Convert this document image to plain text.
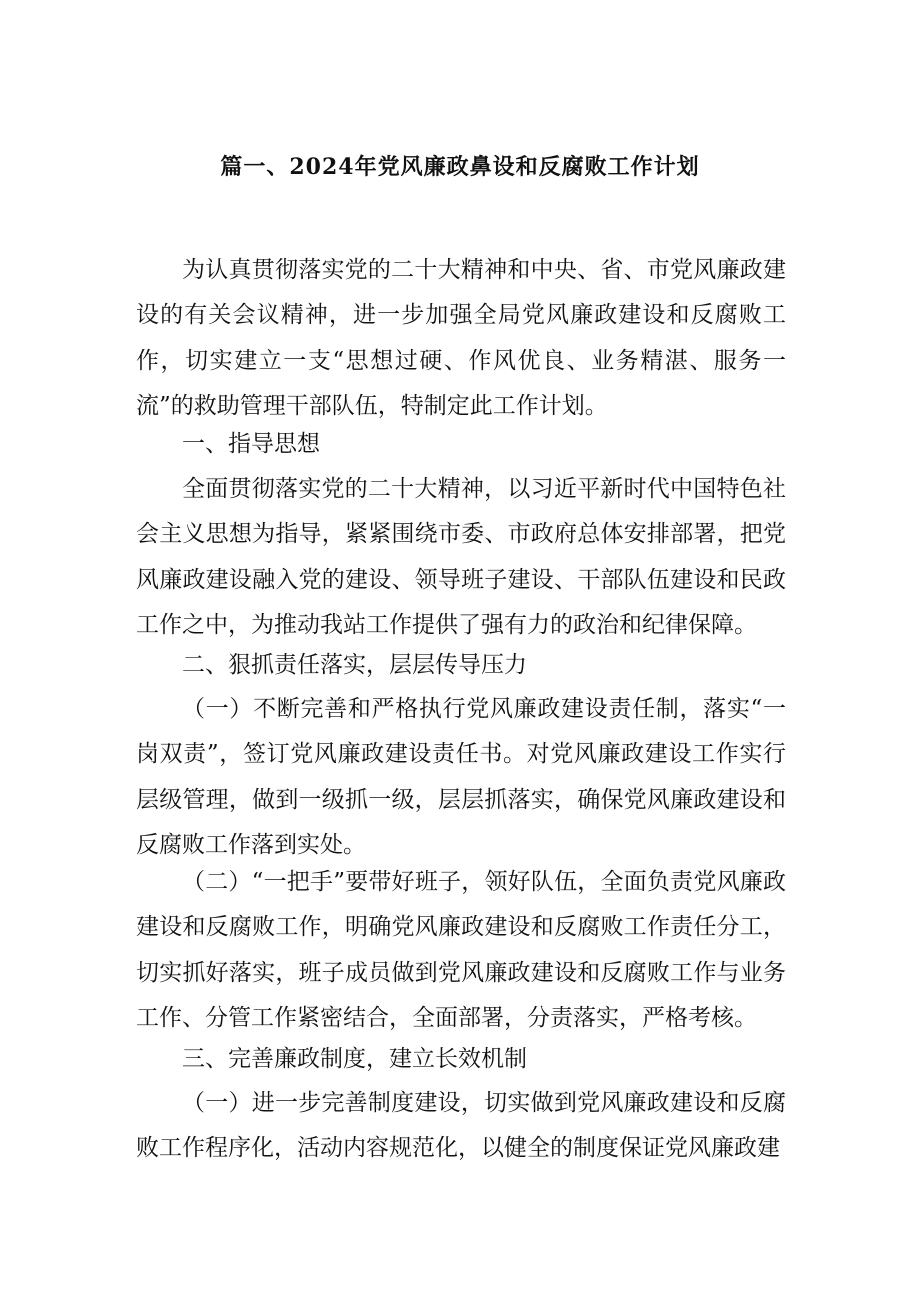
篇一、2024年党风廉政鼻设和反腐败工作计划

为认真贯彻落实党的二十大精神和中央、省、市党风廉政建设的有关会议精神，进一步加强全局党风廉政建设和反腐败工作，切实建立一支“思想过硬、作风优良、业务精湛、服务一流”的救助管理干部队伍，特制定此工作计划。

一、指导思想

全面贯彻落实党的二十大精神，以习近平新时代中国特色社会主义思想为指导，紧紧围绕市委、市政府总体安排部署，把党风廉政建设融入党的建设、领导班子建设、干部队伍建设和民政工作之中，为推动我站工作提供了强有力的政治和纪律保障。

二、狠抓责任落实，层层传导压力

（一）不断完善和严格执行党风廉政建设责任制，落实“一岗双责”，签订党风廉政建设责任书。对党风廉政建设工作实行层级管理，做到一级抓一级，层层抓落实，确保党风廉政建设和反腐败工作落到实处。

（二）“一把手”要带好班子，领好队伍，全面负责党风廉政建设和反腐败工作，明确党风廉政建设和反腐败工作责任分工，切实抓好落实，班子成员做到党风廉政建设和反腐败工作与业务工作、分管工作紧密结合，全面部署，分责落实，严格考核。

三、完善廉政制度，建立长效机制

（一）进一步完善制度建设，切实做到党风廉政建设和反腐败工作程序化，活动内容规范化，以健全的制度保证党风廉政建
